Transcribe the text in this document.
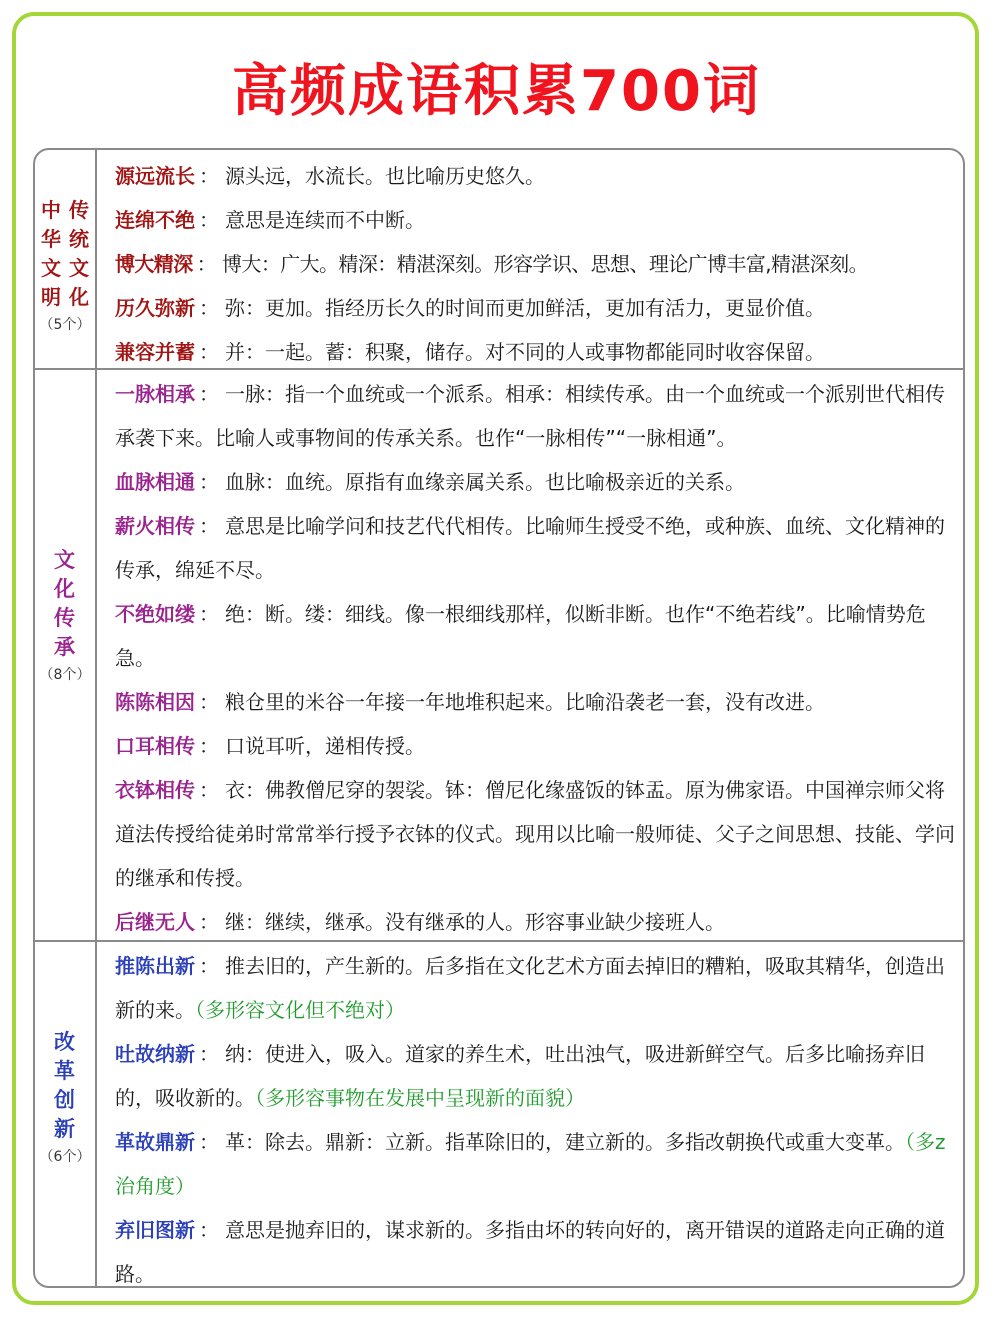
高频成语积累700词
传统文化
中华文明
（5个）
源远流长 ： 源头远，水流长。也比喻历史悠久。
连绵不绝 ： 意思是连续而不中断。
博大精深 ： 博大：广大。精深：精湛深刻。形容学识、思想、理论广博丰富,精湛深刻。
历久弥新 ： 弥：更加。指经历长久的时间而更加鲜活，更加有活力，更显价值。
兼容并蓄 ： 并：一起。蓄：积聚，储存。对不同的人或事物都能同时收容保留。
文化传承
（8个）
一脉相承 ： 一脉：指一个血统或一个派系。相承：相续传承。由一个血统或一个派别世代相传承袭下来。比喻人或事物间的传承关系。也作“一脉相传”“一脉相通”。
血脉相通 ： 血脉：血统。原指有血缘亲属关系。也比喻极亲近的关系。
薪火相传 ： 意思是比喻学问和技艺代代相传。比喻师生授受不绝，或种族、血统、文化精神的传承，绵延不尽。
不绝如缕 ： 绝：断。缕：细线。像一根细线那样，似断非断。也作“不绝若线”。比喻情势危急。
陈陈相因 ： 粮仓里的米谷一年接一年地堆积起来。比喻沿袭老一套，没有改进。
口耳相传 ： 口说耳听，递相传授。
衣钵相传 ： 衣：佛教僧尼穿的袈裟。钵：僧尼化缘盛饭的钵盂。原为佛家语。中国禅宗师父将道法传授给徒弟时常常举行授予衣钵的仪式。现用以比喻一般师徒、父子之间思想、技能、学问的继承和传授。
后继无人 ： 继：继续，继承。没有继承的人。形容事业缺少接班人。
改革创新
（6个）
推陈出新 ： 推去旧的，产生新的。后多指在文化艺术方面去掉旧的糟粕，吸取其精华，创造出新的来。（多形容文化但不绝对）
吐故纳新 ： 纳：使进入，吸入。道家的养生术，吐出浊气，吸进新鲜空气。后多比喻扬弃旧的，吸收新的。（多形容事物在发展中呈现新的面貌）
革故鼎新 ： 革：除去。鼎新：立新。指革除旧的，建立新的。多指改朝换代或重大变革。（多z治角度）
弃旧图新 ： 意思是抛弃旧的，谋求新的。多指由坏的转向好的，离开错误的道路走向正确的道路。
